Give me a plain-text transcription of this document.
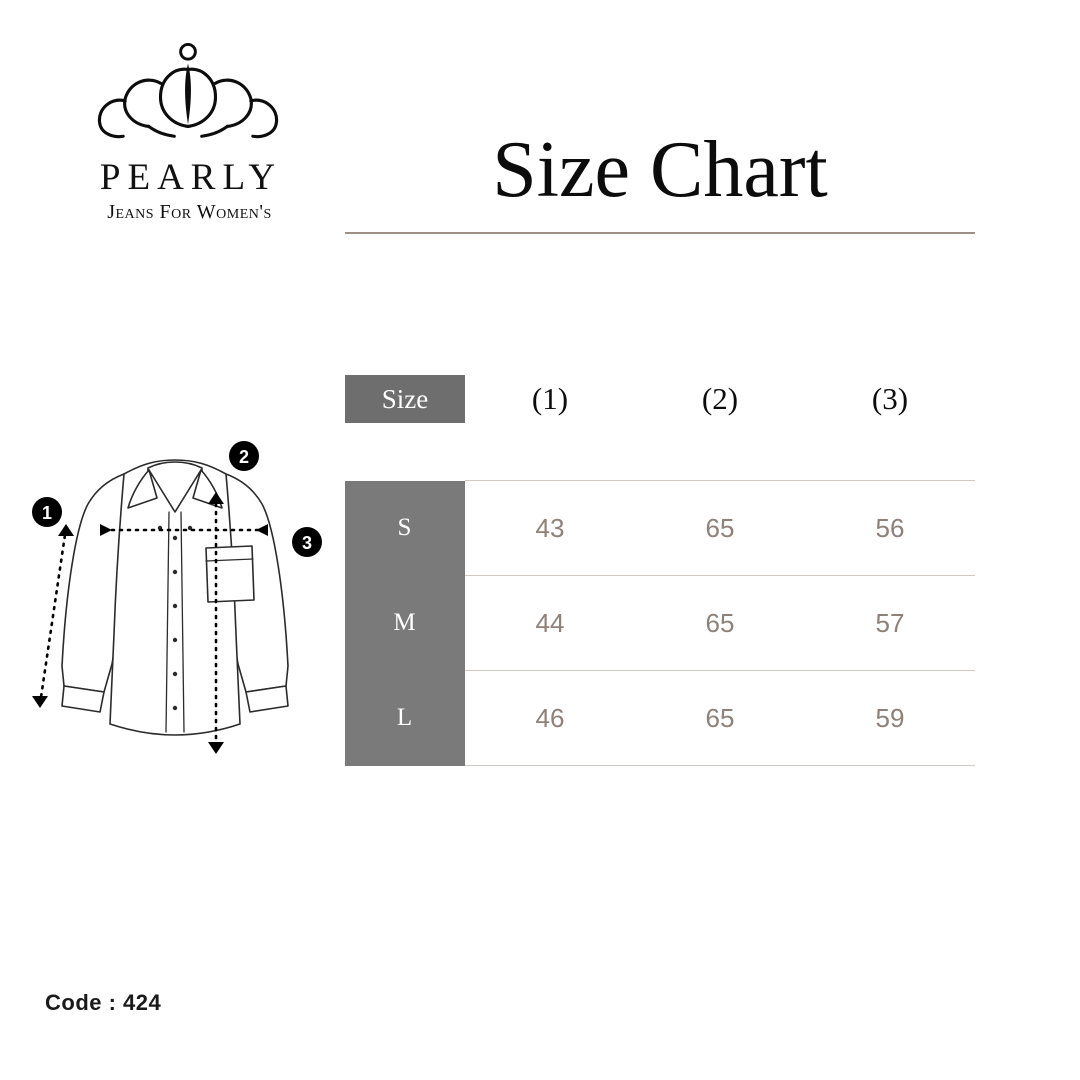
PEARLY
Jeans For Women's	Size Chart
1
2
3
Size	(1)	(2)	(3)

S	43	65	56
M	44	65	57
L	46	65	59
Code : 424
